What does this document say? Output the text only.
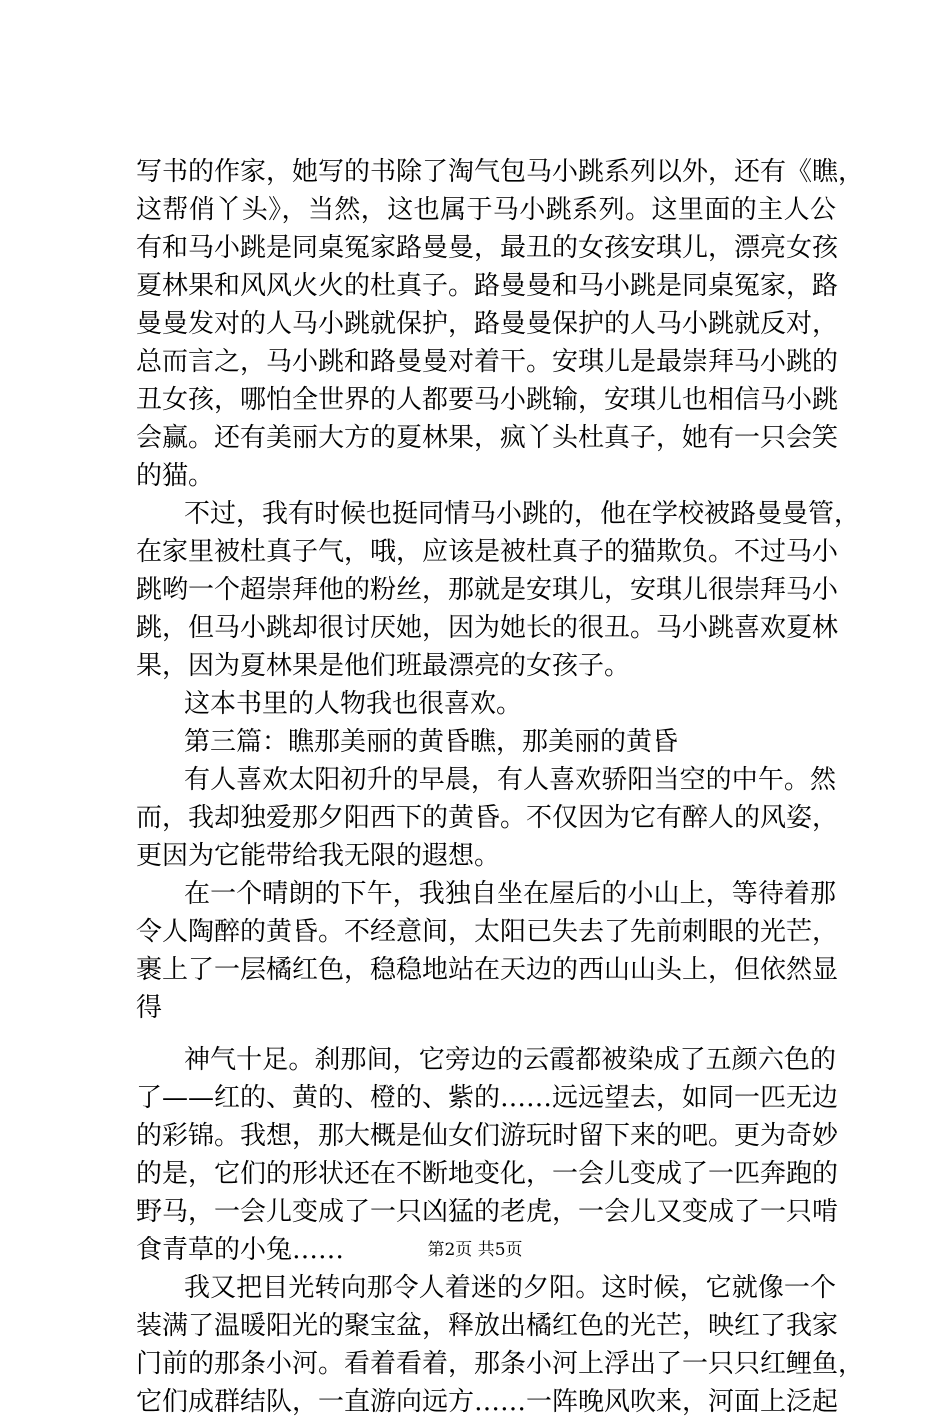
写书的作家，她写的书除了淘气包马小跳系列以外，还有《瞧，
这帮俏丫头》，当然，这也属于马小跳系列。这里面的主人公
有和马小跳是同桌冤家路曼曼，最丑的女孩安琪儿，漂亮女孩
夏林果和风风火火的杜真子。路曼曼和马小跳是同桌冤家，路
曼曼发对的人马小跳就保护，路曼曼保护的人马小跳就反对，
总而言之，马小跳和路曼曼对着干。安琪儿是最崇拜马小跳的
丑女孩，哪怕全世界的人都要马小跳输，安琪儿也相信马小跳
会赢。还有美丽大方的夏林果，疯丫头杜真子，她有一只会笑
的猫。
不过，我有时候也挺同情马小跳的，他在学校被路曼曼管，
在家里被杜真子气，哦，应该是被杜真子的猫欺负。不过马小
跳哟一个超崇拜他的粉丝，那就是安琪儿，安琪儿很崇拜马小
跳，但马小跳却很讨厌她，因为她长的很丑。马小跳喜欢夏林
果，因为夏林果是他们班最漂亮的女孩子。
这本书里的人物我也很喜欢。
第三篇：瞧那美丽的黄昏瞧，那美丽的黄昏
有人喜欢太阳初升的早晨，有人喜欢骄阳当空的中午。然
而，我却独爱那夕阳西下的黄昏。不仅因为它有醉人的风姿，
更因为它能带给我无限的遐想。
在一个晴朗的下午，我独自坐在屋后的小山上，等待着那
令人陶醉的黄昏。不经意间，太阳已失去了先前刺眼的光芒，
裹上了一层橘红色，稳稳地站在天边的西山山头上，但依然显
得
神气十足。刹那间，它旁边的云霞都被染成了五颜六色的
了——红的、黄的、橙的、紫的……远远望去，如同一匹无边
的彩锦。我想，那大概是仙女们游玩时留下来的吧。更为奇妙
的是，它们的形状还在不断地变化，一会儿变成了一匹奔跑的
野马，一会儿变成了一只凶猛的老虎，一会儿又变成了一只啃
食青草的小兔……
我又把目光转向那令人着迷的夕阳。这时候，它就像一个
装满了温暖阳光的聚宝盆，释放出橘红色的光芒，映红了我家
门前的那条小河。看着看着，那条小河上浮出了一只只红鲤鱼，
它们成群结队，一直游向远方……一阵晚风吹来，河面上泛起
第2页 共5页
